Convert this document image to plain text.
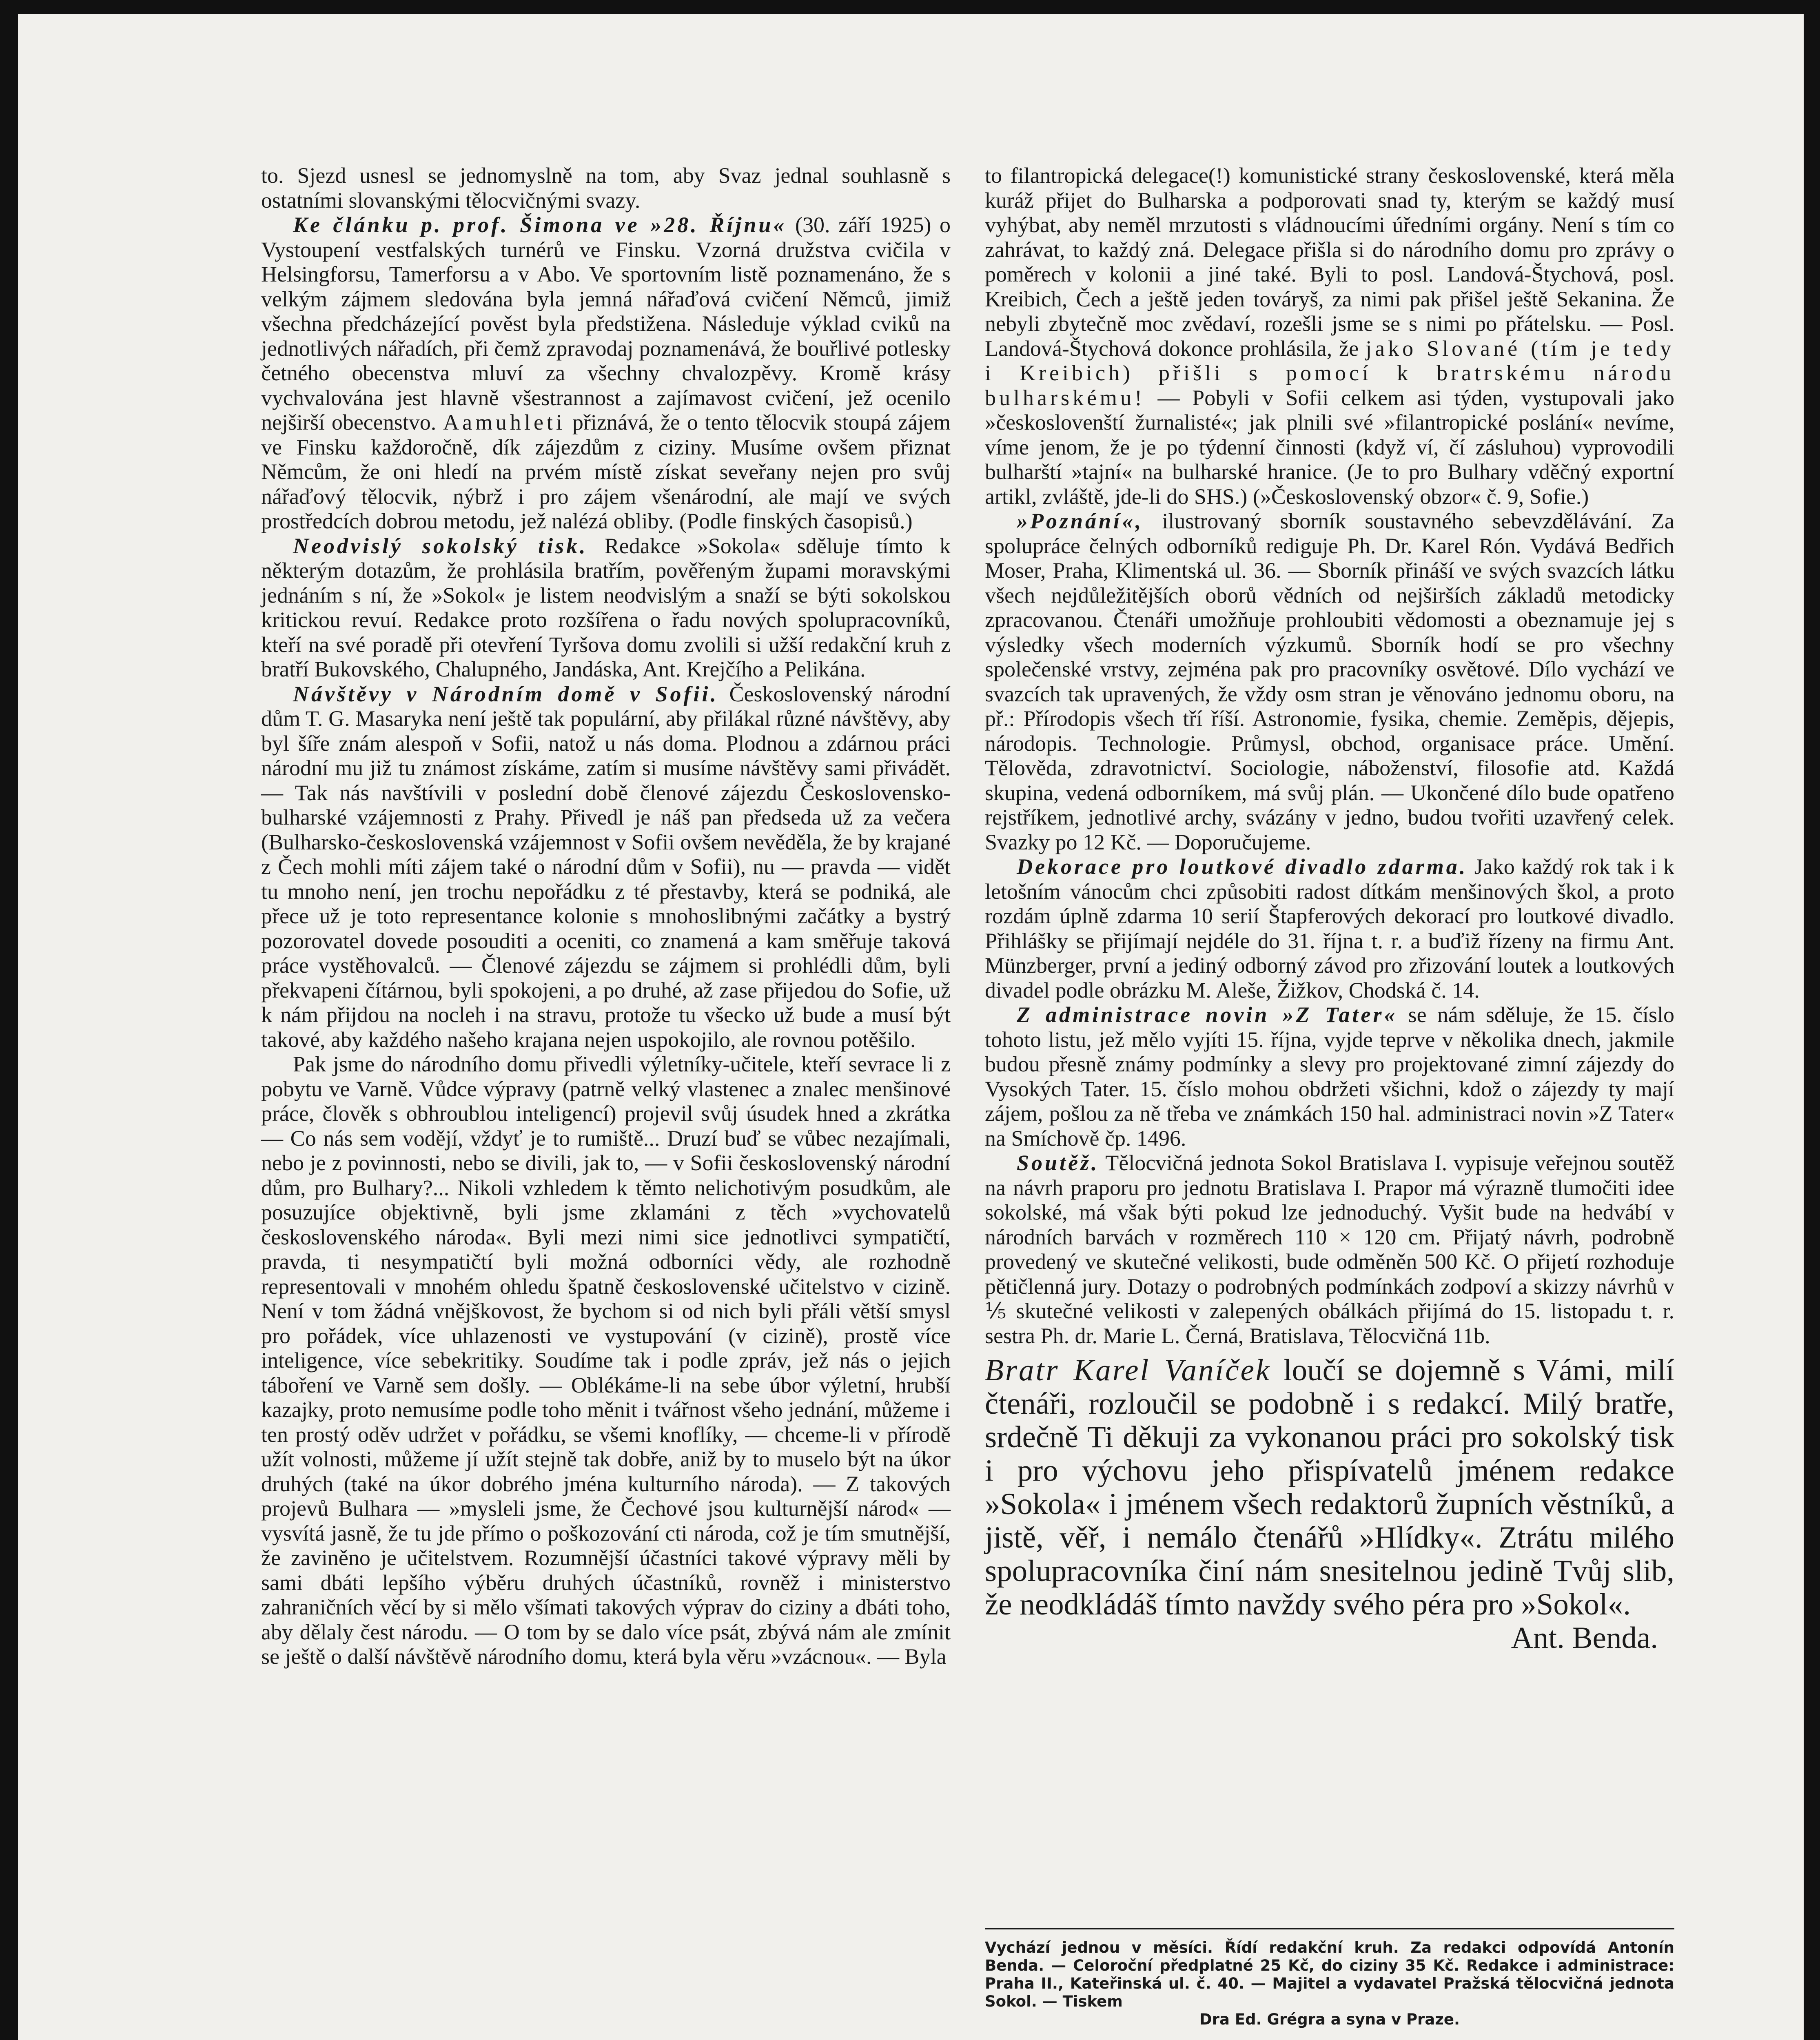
to. Sjezd usnesl se jednomyslně na tom, aby Svaz jednal souhlasně s ostatními slovanskými tělocvičnými svazy.

Ke článku p. prof. Šimona ve »28. Říjnu« (30. září 1925) o Vystoupení vestfalských turnérů ve Finsku. Vzorná družstva cvičila v Helsingforsu, Tamerforsu a v Abo. Ve sportovním listě poznamenáno, že s velkým zájmem sledována byla jemná nářaďová cvičení Němců, jimiž všechna předcházející pověst byla předstižena. Následuje výklad cviků na jednotlivých nářadích, při čemž zpravodaj poznamenává, že bouřlivé potlesky četného obecenstva mluví za všechny chvalozpěvy. Kromě krásy vychvalována jest hlavně všestrannost a zajímavost cvičení, jež ocenilo nejširší obecenstvo. Aamuhleti přiznává, že o tento tělocvik stoupá zájem ve Finsku každoročně, dík zájezdům z ciziny. Musíme ovšem přiznat Němcům, že oni hledí na prvém místě získat seveřany nejen pro svůj nářaďový tělocvik, nýbrž i pro zájem všenárodní, ale mají ve svých prostředcích dobrou metodu, jež nalézá obliby. (Podle finských časopisů.)

Neodvislý sokolský tisk. Redakce »Sokola« sděluje tímto k některým dotazům, že prohlásila bratřím, pověřeným župami moravskými jednáním s ní, že »Sokol« je listem neodvislým a snaží se býti sokolskou kritickou revuí. Redakce proto rozšířena o řadu nových spolupracovníků, kteří na své poradě při otevření Tyršova domu zvolili si užší redakční kruh z bratří Bukovského, Chalupného, Jandáska, Ant. Krejčího a Pelikána.

Návštěvy v Národním domě v Sofii. Československý národní dům T. G. Masaryka není ještě tak populární, aby přilákal různé návštěvy, aby byl šíře znám alespoň v Sofii, natož u nás doma. Plodnou a zdárnou práci národní mu již tu známost získáme, zatím si musíme návštěvy sami přivádět. — Tak nás navštívili v poslední době členové zájezdu Československo-bulharské vzájemnosti z Prahy. Přivedl je náš pan předseda už za večera (Bulharsko-československá vzájemnost v Sofii ovšem nevěděla, že by krajané z Čech mohli míti zájem také o národní dům v Sofii), nu — pravda — vidět tu mnoho není, jen trochu nepořádku z té přestavby, která se podniká, ale přece už je toto representance kolonie s mnohoslibnými začátky a bystrý pozorovatel dovede posouditi a oceniti, co znamená a kam směřuje taková práce vystěhovalců. — Členové zájezdu se zájmem si prohlédli dům, byli překvapeni čítárnou, byli spokojeni, a po druhé, až zase přijedou do Sofie, už k nám přijdou na nocleh i na stravu, protože tu všecko už bude a musí být takové, aby každého našeho krajana nejen uspokojilo, ale rovnou potěšilo.

Pak jsme do národního domu přivedli výletníky-učitele, kteří sevrace li z pobytu ve Varně. Vůdce výpravy (patrně velký vlastenec a znalec menšinové práce, člověk s obhroublou inteligencí) projevil svůj úsudek hned a zkrátka — Co nás sem vodějí, vždyť je to rumiště... Druzí buď se vůbec nezajímali, nebo je z povinnosti, nebo se divili, jak to, — v Sofii československý národní dům, pro Bulhary?... Nikoli vzhledem k těmto nelichotivým posudkům, ale posuzujíce objektivně, byli jsme zklamáni z těch »vychovatelů československého národa«. Byli mezi nimi sice jednotlivci sympatičtí, pravda, ti nesympatičtí byli možná odborníci vědy, ale rozhodně representovali v mnohém ohledu špatně československé učitelstvo v cizině. Není v tom žádná vnějškovost, že bychom si od nich byli přáli větší smysl pro pořádek, více uhlazenosti ve vystupování (v cizině), prostě více inteligence, více sebekritiky. Soudíme tak i podle zpráv, jež nás o jejich táboření ve Varně sem došly. — Oblékáme-li na sebe úbor výletní, hrubší kazajky, proto nemusíme podle toho měnit i tvářnost všeho jednání, můžeme i ten prostý oděv udržet v pořádku, se všemi knoflíky, — chceme-li v přírodě užít volnosti, můžeme jí užít stejně tak dobře, aniž by to muselo být na úkor druhých (také na úkor dobrého jména kulturního národa). — Z takových projevů Bulhara — »mysleli jsme, že Čechové jsou kulturnější národ« — vysvítá jasně, že tu jde přímo o poškozování cti národa, což je tím smutnější, že zaviněno je učitelstvem. Rozumnější účastníci takové výpravy měli by sami dbáti lepšího výběru druhých účastníků, rovněž i ministerstvo zahraničních věcí by si mělo všímati takových výprav do ciziny a dbáti toho, aby dělaly čest národu. — O tom by se dalo více psát, zbývá nám ale zmínit se ještě o další návštěvě národního domu, která byla věru »vzácnou«. — Byla

to filantropická delegace(!) komunistické strany československé, která měla kuráž přijet do Bulharska a podporovati snad ty, kterým se každý musí vyhýbat, aby neměl mrzutosti s vládnoucími úředními orgány. Není s tím co zahrávat, to každý zná. Delegace přišla si do národního domu pro zprávy o poměrech v kolonii a jiné také. Byli to posl. Landová-Štychová, posl. Kreibich, Čech a ještě jeden továryš, za nimi pak přišel ještě Sekanina. Že nebyli zbytečně moc zvědaví, rozešli jsme se s nimi po přátelsku. — Posl. Landová-Štychová dokonce prohlásila, že jako Slované (tím je tedy i Kreibich) přišli s pomocí k bratrskému národu bulharskému! — Pobyli v Sofii celkem asi týden, vystupovali jako »českoslovenští žurnalisté«; jak plnili své »filantropické poslání« nevíme, víme jenom, že je po týdenní činnosti (když ví, čí zásluhou) vyprovodili bulharští »tajní« na bulharské hranice. (Je to pro Bulhary vděčný exportní artikl, zvláště, jde-li do SHS.) (»Československý obzor« č. 9, Sofie.)

»Poznání«, ilustrovaný sborník soustavného sebevzdělávání. Za spolupráce čelných odborníků rediguje Ph. Dr. Karel Rón. Vydává Bedřich Moser, Praha, Klimentská ul. 36. — Sborník přináší ve svých svazcích látku všech nejdůležitějších oborů vědních od nejširších základů metodicky zpracovanou. Čtenáři umožňuje prohloubiti vědomosti a obeznamuje jej s výsledky všech moderních výzkumů. Sborník hodí se pro všechny společenské vrstvy, zejména pak pro pracovníky osvětové. Dílo vychází ve svazcích tak upravených, že vždy osm stran je věnováno jednomu oboru, na př.: Přírodopis všech tří říší. Astronomie, fysika, chemie. Zeměpis, dějepis, národopis. Technologie. Průmysl, obchod, organisace práce. Umění. Tělověda, zdravotnictví. Sociologie, náboženství, filosofie atd. Každá skupina, vedená odborníkem, má svůj plán. — Ukončené dílo bude opatřeno rejstříkem, jednotlivé archy, svázány v jedno, budou tvořiti uzavřený celek. Svazky po 12 Kč. — Doporučujeme.

Dekorace pro loutkové divadlo zdarma. Jako každý rok tak i k letošním vánocům chci způsobiti radost dítkám menšinových škol, a proto rozdám úplně zdarma 10 serií Štapferových dekorací pro loutkové divadlo. Přihlášky se přijímají nejdéle do 31. října t. r. a buďiž řízeny na firmu Ant. Münzberger, první a jediný odborný závod pro zřizování loutek a loutkových divadel podle obrázku M. Aleše, Žižkov, Chodská č. 14.

Z administrace novin »Z Tater« se nám sděluje, že 15. číslo tohoto listu, jež mělo vyjíti 15. října, vyjde teprve v několika dnech, jakmile budou přesně známy podmínky a slevy pro projektované zimní zájezdy do Vysokých Tater. 15. číslo mohou obdržeti všichni, kdož o zájezdy ty mají zájem, pošlou za ně třeba ve známkách 150 hal. administraci novin »Z Tater« na Smíchově čp. 1496.

Soutěž. Tělocvičná jednota Sokol Bratislava I. vypisuje veřejnou soutěž na návrh praporu pro jednotu Bratislava I. Prapor má výrazně tlumočiti idee sokolské, má však býti pokud lze jednoduchý. Vyšit bude na hedvábí v národních barvách v rozměrech 110 × 120 cm. Přijatý návrh, podrobně provedený ve skutečné velikosti, bude odměněn 500 Kč. O přijetí rozhoduje pětičlenná jury. Dotazy o podrobných podmínkách zodpoví a skizzy návrhů v ⅕ skutečné velikosti v zalepených obálkách přijímá do 15. listopadu t. r. sestra Ph. dr. Marie L. Černá, Bratislava, Tělocvičná 11b.

Bratr Karel Vaníček loučí se dojemně s Vámi, milí čtenáři, rozloučil se podobně i s redakcí. Milý bratře, srdečně Ti děkuji za vykonanou práci pro sokolský tisk i pro výchovu jeho přispívatelů jménem redakce »Sokola« i jménem všech redaktorů župních věstníků, a jistě, věř, i nemálo čtenářů »Hlídky«. Ztrátu milého spolupracovníka činí nám snesitelnou jedině Tvůj slib, že neodkládáš tímto navždy svého péra pro »Sokol«.
Ant. Benda.

Vychází jednou v měsíci. Řídí redakční kruh. Za redakci odpovídá Antonín Benda. — Celoroční předplatné 25 Kč, do ciziny 35 Kč. Redakce i administrace: Praha II., Kateřinská ul. č. 40. — Majitel a vydavatel Pražská tělocvičná jednota Sokol. — Tiskem
Dra Ed. Grégra a syna v Praze.
